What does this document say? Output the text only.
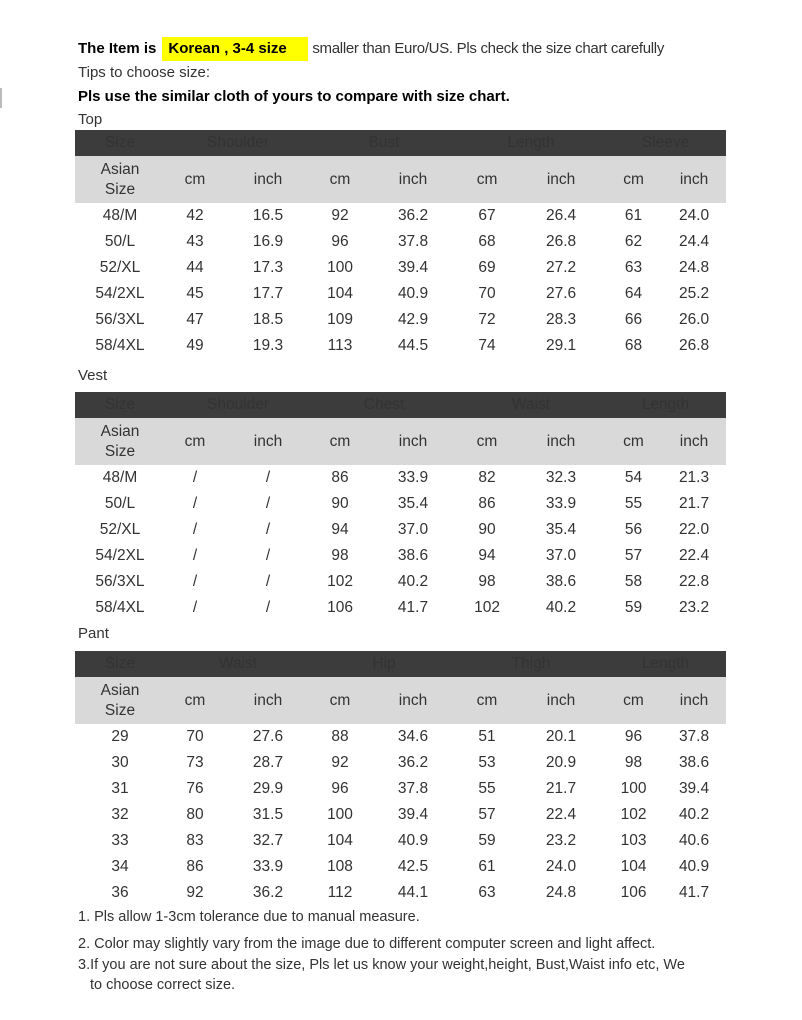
The Item is Korean , 3-4 size	smaller than Euro/US. Pls check the size chart carefully
Tips to choose size:
Pls use the similar cloth of yours to compare with size chart.
Top
Size	Shoulder		Bust		Length		Sleeve	
Asian
Size	cm	inch	cm	inch	cm	inch	cm	inch
48/M	42	16.5	92	36.2	67	26.4	61	24.0
50/L	43	16.9	96	37.8	68	26.8	62	24.4
52/XL	44	17.3	100	39.4	69	27.2	63	24.8
54/2XL	45	17.7	104	40.9	70	27.6	64	25.2
56/3XL	47	18.5	109	42.9	72	28.3	66	26.0
58/4XL	49	19.3	113	44.5	74	29.1	68	26.8
Vest
Size	Shoulder		Chest		Waist		Length	
Asian
Size	cm	inch	cm	inch	cm	inch	cm	inch
48/M	/	/	86	33.9	82	32.3	54	21.3
50/L	/	/	90	35.4	86	33.9	55	21.7
52/XL	/	/	94	37.0	90	35.4	56	22.0
54/2XL	/	/	98	38.6	94	37.0	57	22.4
56/3XL	/	/	102	40.2	98	38.6	58	22.8
58/4XL	/	/	106	41.7	102	40.2	59	23.2
Pant
Size	Waist		Hip		Thigh		Length	
Asian
Size	cm	inch	cm	inch	cm	inch	cm	inch
29	70	27.6	88	34.6	51	20.1	96	37.8
30	73	28.7	92	36.2	53	20.9	98	38.6
31	76	29.9	96	37.8	55	21.7	100	39.4
32	80	31.5	100	39.4	57	22.4	102	40.2
33	83	32.7	104	40.9	59	23.2	103	40.6
34	86	33.9	108	42.5	61	24.0	104	40.9
36	92	36.2	112	44.1	63	24.8	106	41.7
1. Pls allow 1-3cm tolerance due to manual measure.
2. Color may slightly vary from the image due to different computer screen and light affect.
3.If you are not sure about the size, Pls let us know your weight,height, Bust,Waist info etc, We
to choose correct size.
